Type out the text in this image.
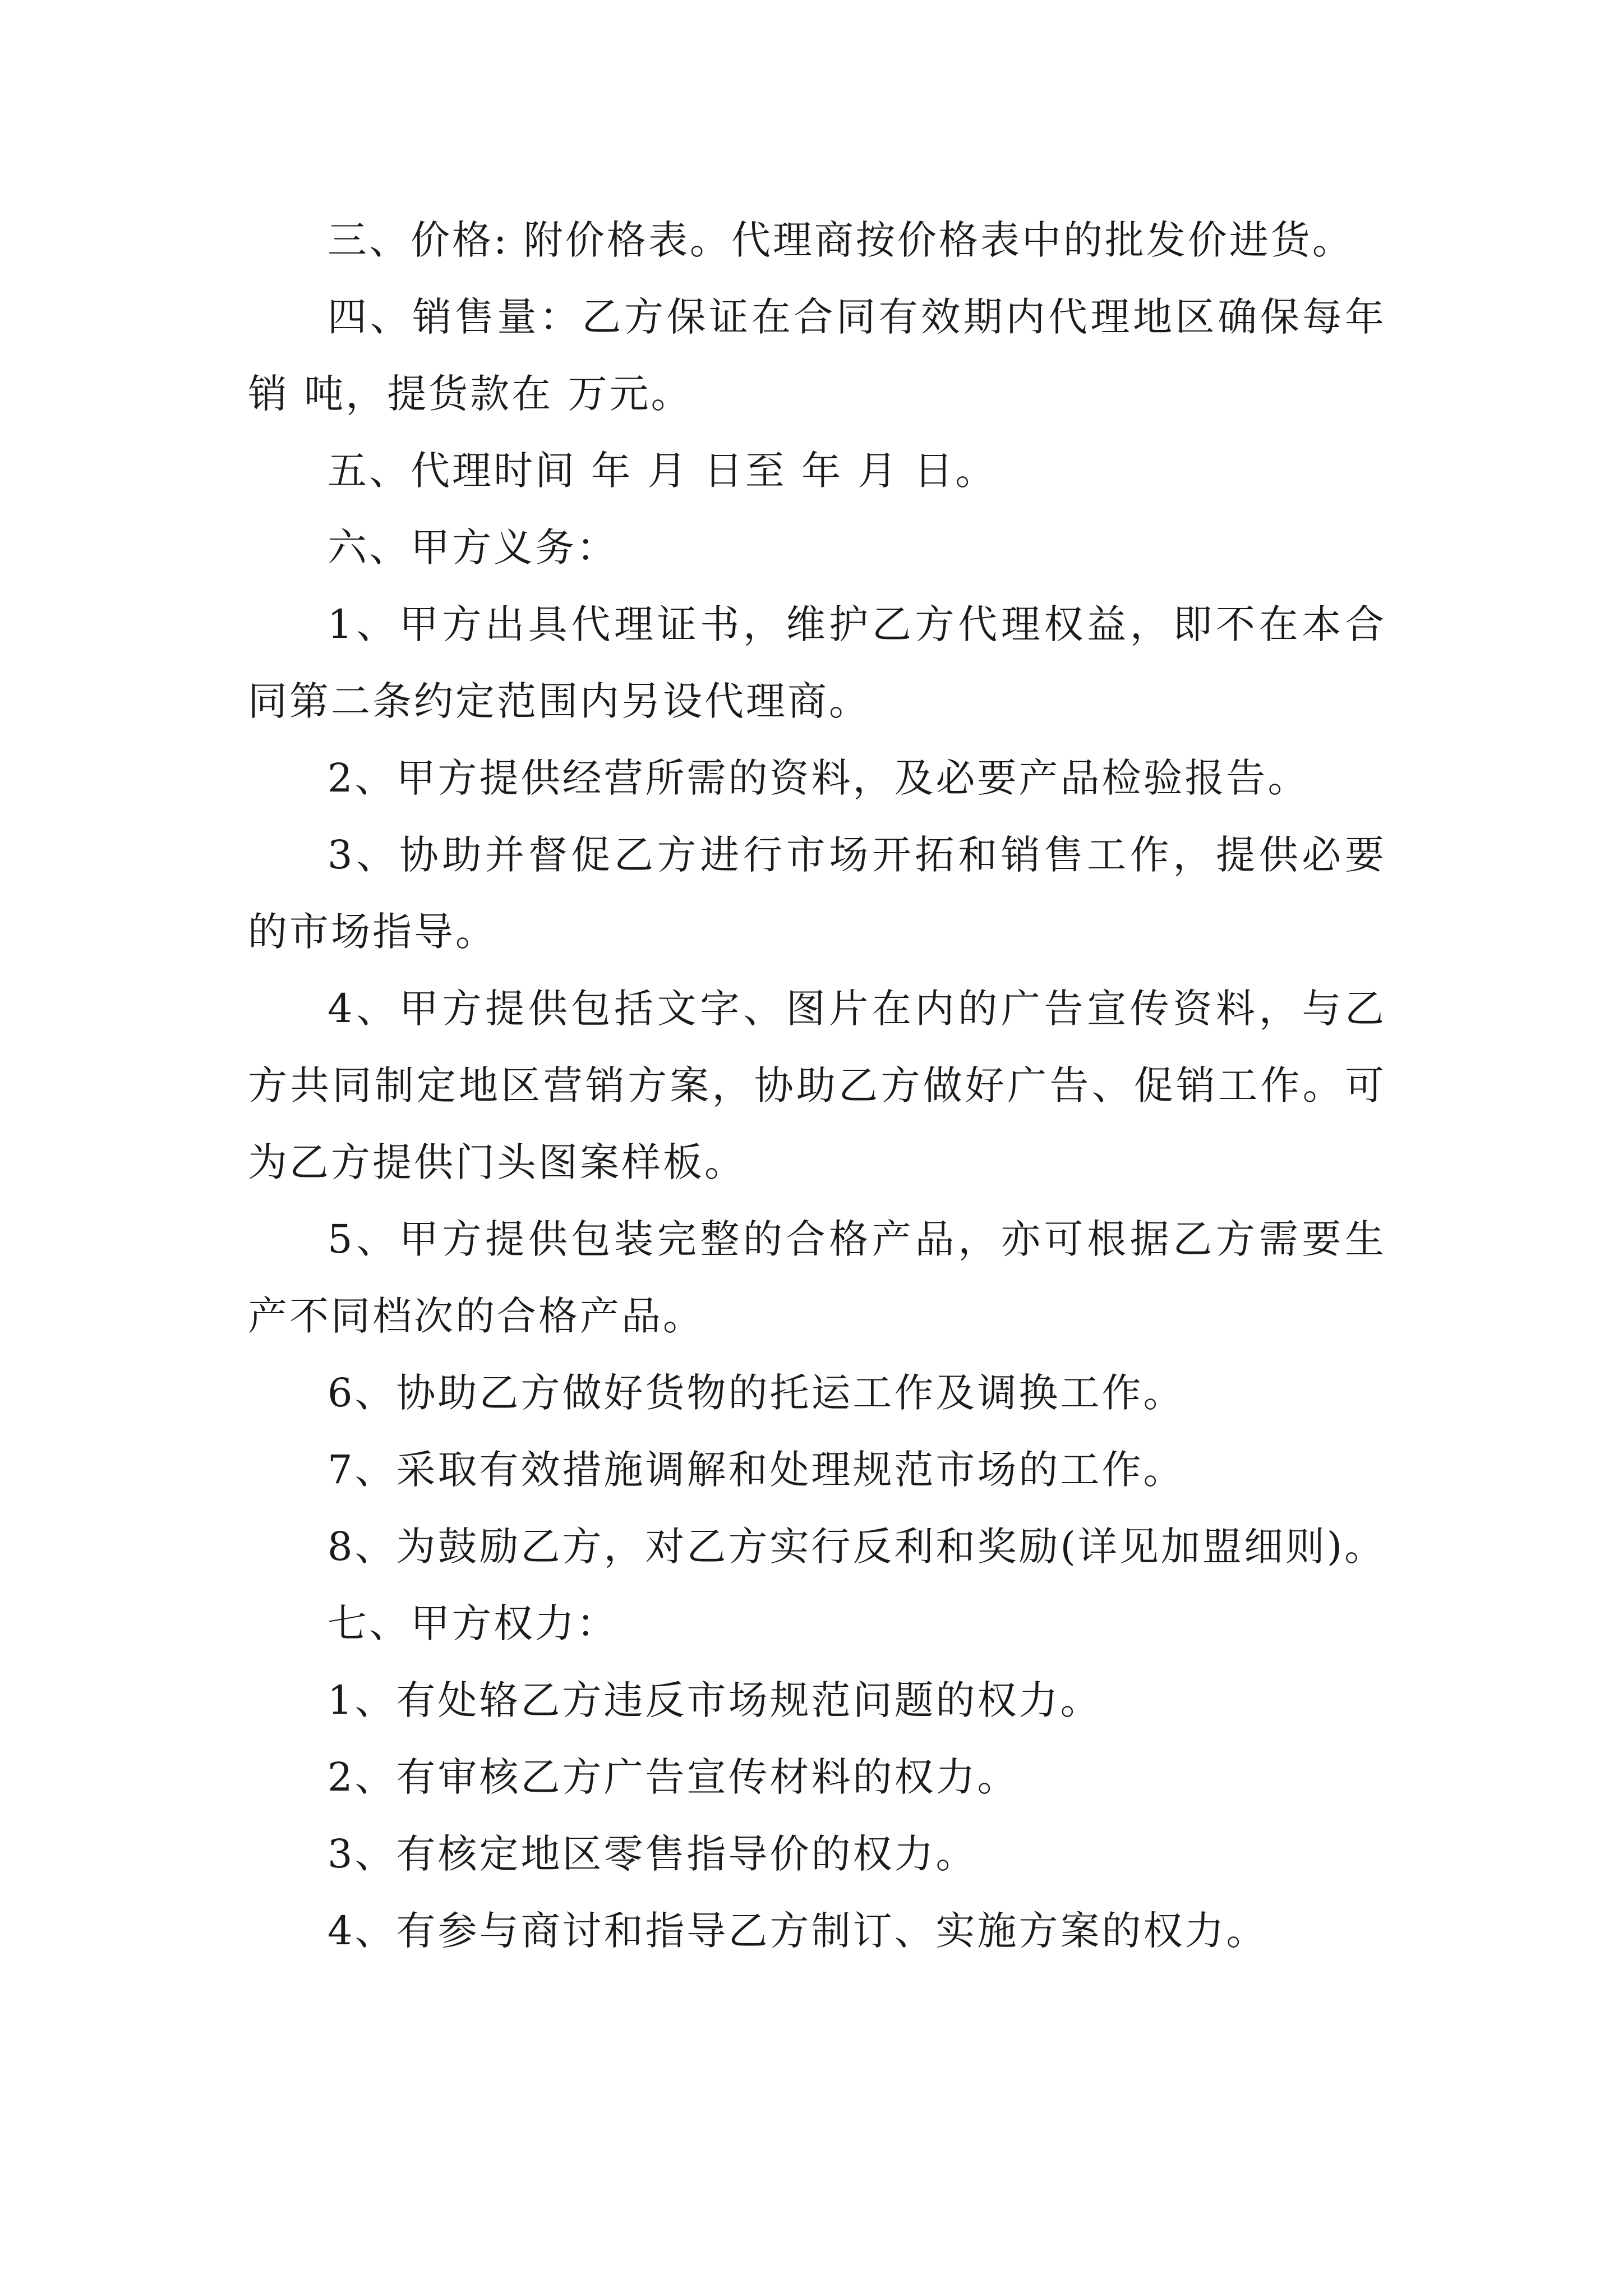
三、价格: 附价格表。代理商按价格表中的批发价进货。

四、销售量：乙方保证在合同有效期内代理地区确保每年销 吨，提货款在 万元。

五、代理时间 年 月 日至 年 月 日。

六、甲方义务：

1、甲方出具代理证书，维护乙方代理权益，即不在本合同第二条约定范围内另设代理商。

2、甲方提供经营所需的资料，及必要产品检验报告。

3、协助并督促乙方进行市场开拓和销售工作，提供必要的市场指导。

4、甲方提供包括文字、图片在内的广告宣传资料，与乙方共同制定地区营销方案，协助乙方做好广告、促销工作。可为乙方提供门头图案样板。

5、甲方提供包装完整的合格产品，亦可根据乙方需要生产不同档次的合格产品。

6、协助乙方做好货物的托运工作及调换工作。

7、采取有效措施调解和处理规范市场的工作。

8、为鼓励乙方，对乙方实行反利和奖励(详见加盟细则)。

七、甲方权力：

1、有处辂乙方违反市场规范问题的权力。

2、有审核乙方广告宣传材料的权力。

3、有核定地区零售指导价的权力。

4、有参与商讨和指导乙方制订、实施方案的权力。
